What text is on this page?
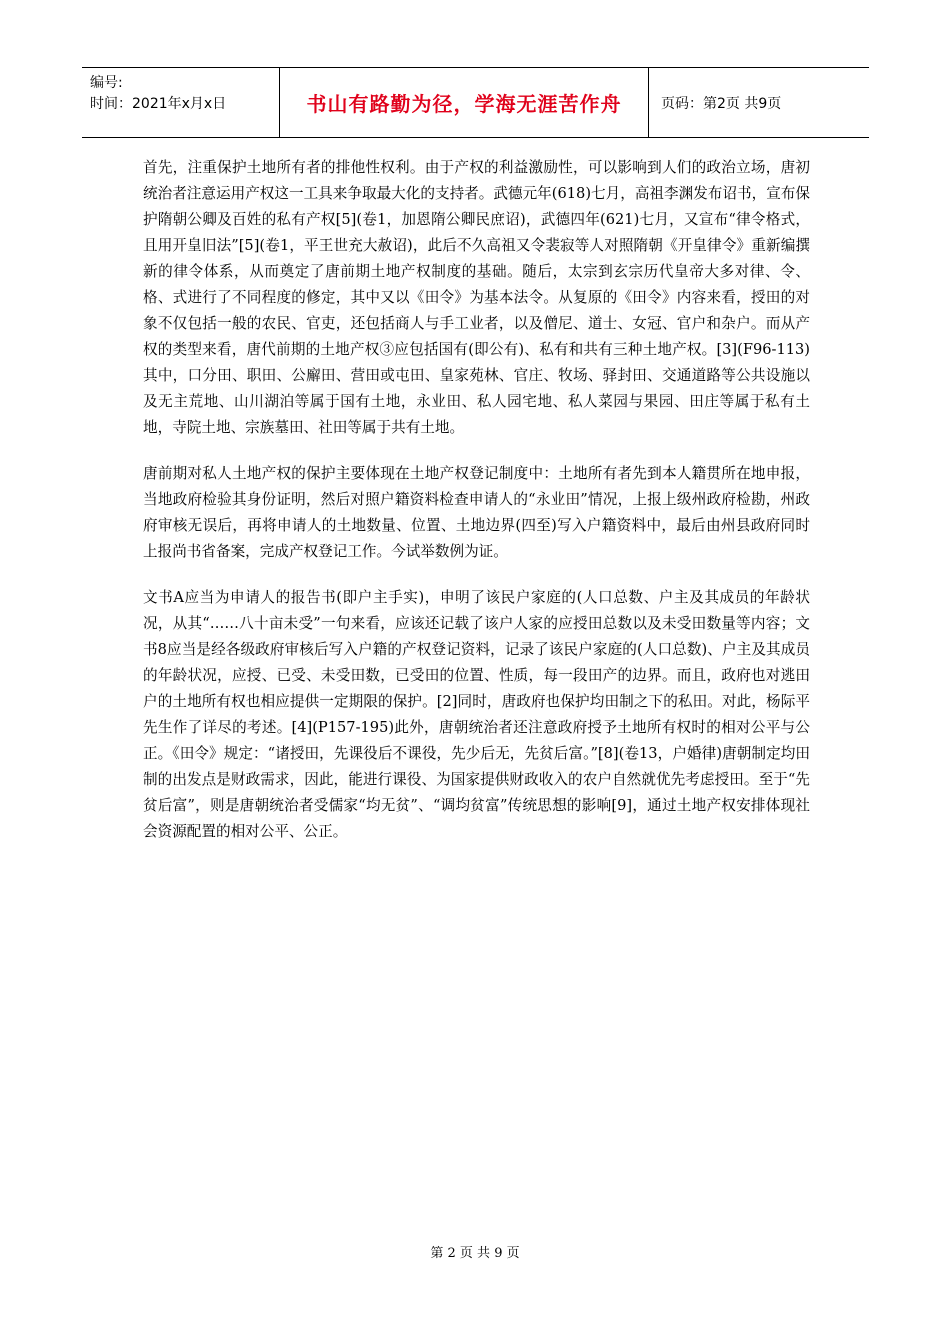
编号:
时间：2021年x月x日	书山有路勤为径，学海无涯苦作舟	页码：第2页 共9页

首先，注重保护土地所有者的排他性权利。由于产权的利益激励性，可以影响到人们的政治立场，唐初统治者注意运用产权这一工具来争取最大化的支持者。武德元年(618)七月，高祖李渊发布诏书，宣布保护隋朝公卿及百姓的私有产权[5](卷1，加恩隋公卿民庶诏)，武德四年(621)七月，又宣布“律令格式，且用开皇旧法”[5](卷1，平王世充大赦诏)，此后不久高祖又令裴寂等人对照隋朝《开皇律令》重新编撰新的律令体系，从而奠定了唐前期土地产权制度的基础。随后，太宗到玄宗历代皇帝大多对律、令、格、式进行了不同程度的修定，其中又以《田令》为基本法令。从复原的《田令》内容来看，授田的对象不仅包括一般的农民、官吏，还包括商人与手工业者，以及僧尼、道士、女冠、官户和杂户。而从产权的类型来看，唐代前期的土地产权③应包括国有(即公有)、私有和共有三种土地产权。[3](F96-113)其中，口分田、职田、公廨田、营田或屯田、皇家苑林、官庄、牧场、驿封田、交通道路等公共设施以及无主荒地、山川湖泊等属于国有土地，永业田、私人园宅地、私人菜园与果园、田庄等属于私有土地，寺院土地、宗族墓田、社田等属于共有土地。

唐前期对私人土地产权的保护主要体现在土地产权登记制度中：土地所有者先到本人籍贯所在地申报，当地政府检验其身份证明，然后对照户籍资料检查申请人的“永业田”情况，上报上级州政府检勘，州政府审核无误后，再将申请人的土地数量、位置、土地边界(四至)写入户籍资料中，最后由州县政府同时上报尚书省备案，完成产权登记工作。今试举数例为证。

文书A应当为申请人的报告书(即户主手实)，申明了该民户家庭的(人口总数、户主及其成员的年龄状况，从其“……八十亩未受”一句来看，应该还记载了该户人家的应授田总数以及未受田数量等内容；文书8应当是经各级政府审核后写入户籍的产权登记资料，记录了该民户家庭的(人口总数)、户主及其成员的年龄状况，应授、已受、未受田数，已受田的位置、性质，每一段田产的边界。而且，政府也对逃田户的土地所有权也相应提供一定期限的保护。[2]同时，唐政府也保护均田制之下的私田。对此，杨际平先生作了详尽的考述。[4](P157-195)此外，唐朝统治者还注意政府授予土地所有权时的相对公平与公正。《田令》规定：“诸授田，先课役后不课役，先少后无，先贫后富。”[8](卷13，户婚律)唐朝制定均田制的出发点是财政需求，因此，能进行课役、为国家提供财政收入的农户自然就优先考虑授田。至于“先贫后富”，则是唐朝统治者受儒家“均无贫”、“调均贫富”传统思想的影响[9]，通过土地产权安排体现社会资源配置的相对公平、公正。

第 2 页 共 9 页
